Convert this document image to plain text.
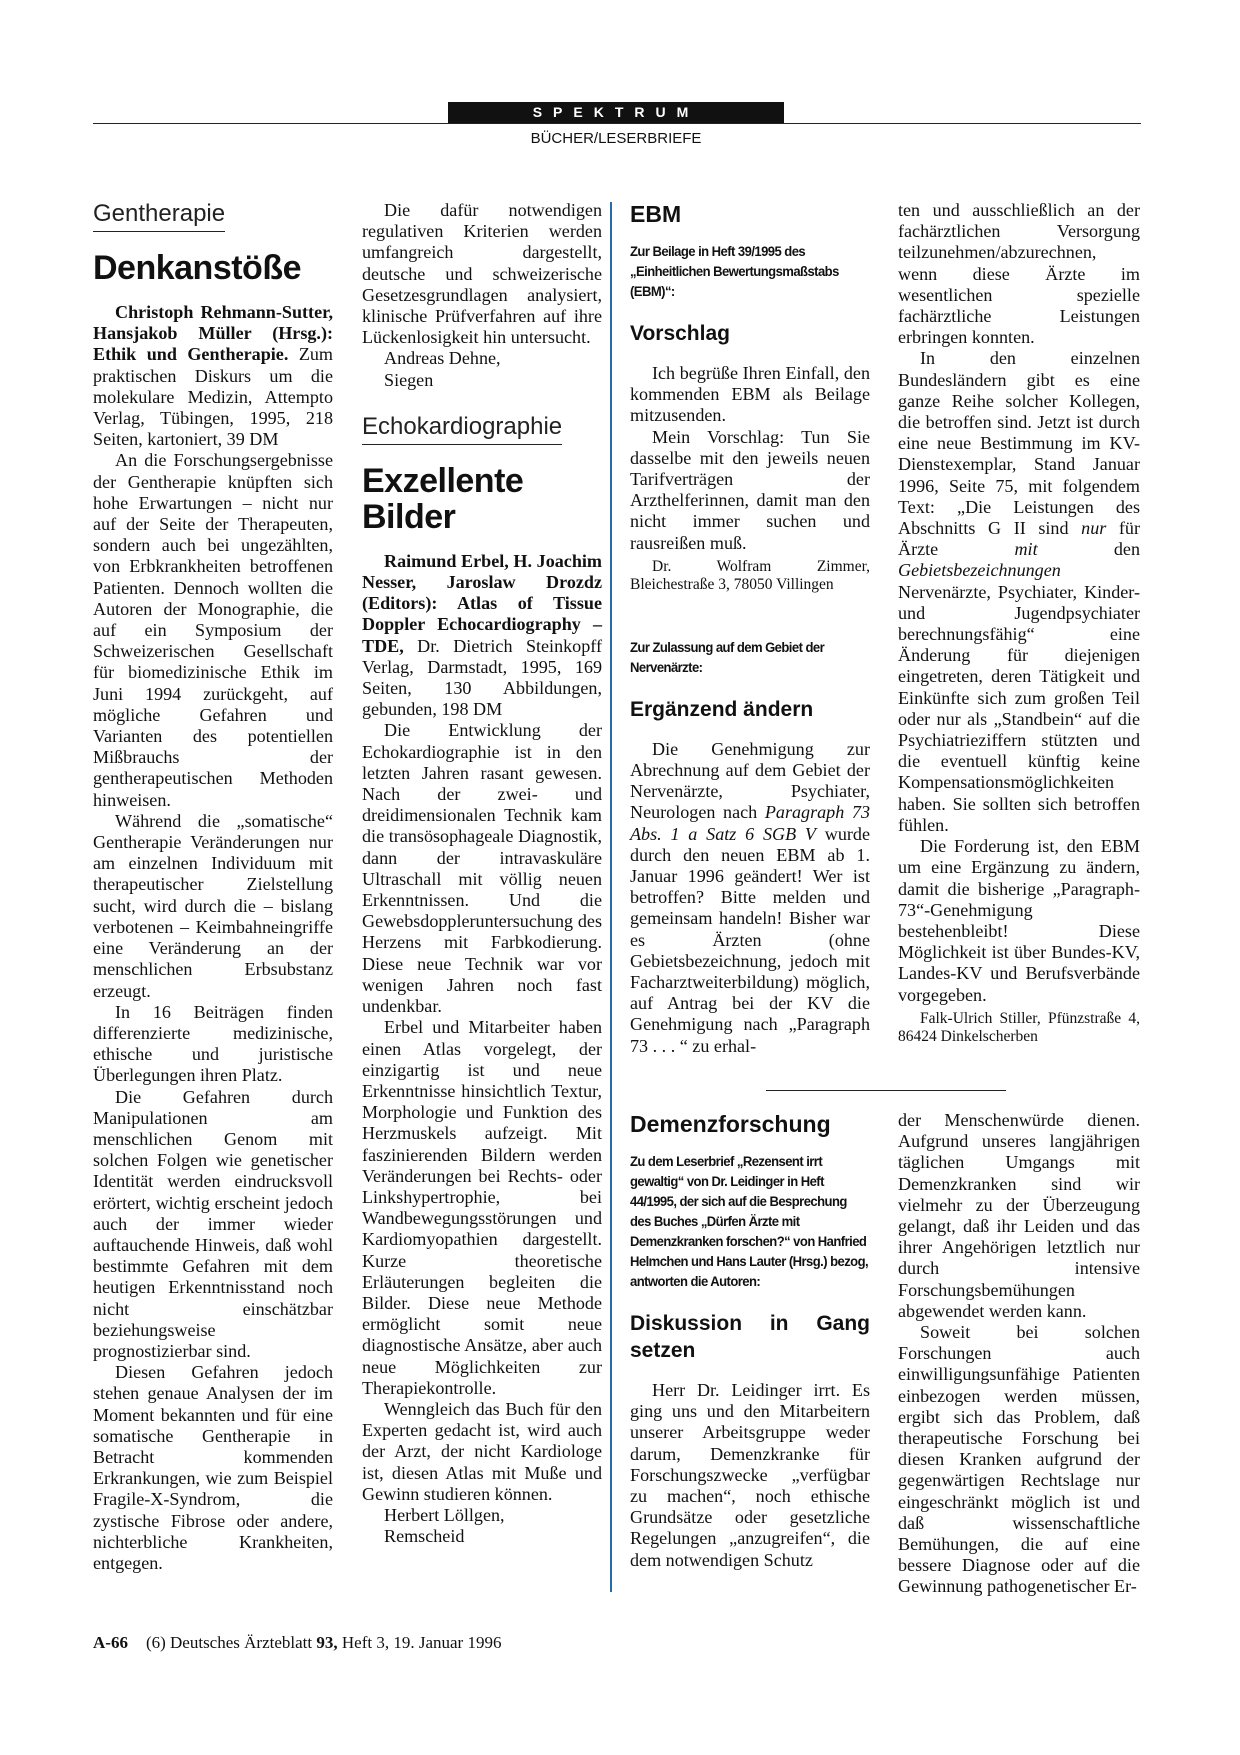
SPEKTRUM
BÜCHER/LESERBRIEFE
Gentherapie
Denkanstöße

Christoph Rehmann-Sutter, Hansjakob Müller (Hrsg.): Ethik und Gentherapie. Zum praktischen Diskurs um die molekulare Medizin, Attempto Verlag, Tübingen, 1995, 218 Seiten, kartoniert, 39 DM

An die Forschungsergebnisse der Gentherapie knüpften sich hohe Erwartungen – nicht nur auf der Seite der Therapeuten, sondern auch bei ungezählten, von Erbkrankheiten betroffenen Patienten. Dennoch wollten die Autoren der Monographie, die auf ein Symposium der Schweizerischen Gesellschaft für biomedizinische Ethik im Juni 1994 zurückgeht, auf mögliche Gefahren und Varianten des potentiellen Mißbrauchs der gentherapeutischen Methoden hinweisen.

Während die „somatische“ Gentherapie Veränderungen nur am einzelnen Individuum mit therapeutischer Zielstellung sucht, wird durch die – bislang verbotenen – Keimbahneingriffe eine Veränderung an der menschlichen Erbsubstanz erzeugt.

In 16 Beiträgen finden differenzierte medizinische, ethische und juristische Überlegungen ihren Platz.

Die Gefahren durch Manipulationen am menschlichen Genom mit solchen Folgen wie genetischer Identität werden eindrucksvoll erörtert, wichtig erscheint jedoch auch der immer wieder auftauchende Hinweis, daß wohl bestimmte Gefahren mit dem heutigen Erkenntnisstand noch nicht einschätzbar beziehungsweise prognostizierbar sind.

Diesen Gefahren jedoch stehen genaue Analysen der im Moment bekannten und für eine somatische Gentherapie in Betracht kommenden Erkrankungen, wie zum Beispiel Fragile-X-Syndrom, die zystische Fibrose oder andere, nichterbliche Krankheiten, entgegen.

Die dafür notwendigen regulativen Kriterien werden umfangreich dargestellt, deutsche und schweizerische Gesetzesgrundlagen analysiert, klinische Prüfverfahren auf ihre Lückenlosigkeit hin untersucht.

Andreas Dehne,

Siegen

Echokardiographie
Exzellente
Bilder

Raimund Erbel, H. Joachim Nesser, Jaroslaw Drozdz (Editors): Atlas of Tissue Doppler Echocardiography – TDE, Dr. Dietrich Steinkopff Verlag, Darmstadt, 1995, 169 Seiten, 130 Abbildungen, gebunden, 198 DM

Die Entwicklung der Echokardiographie ist in den letzten Jahren rasant gewesen. Nach der zwei- und dreidimensionalen Technik kam die transösophageale Diagnostik, dann der intravaskuläre Ultraschall mit völlig neuen Erkenntnissen. Und die Gewebsdoppleruntersuchung des Herzens mit Farbkodierung. Diese neue Technik war vor wenigen Jahren noch fast undenkbar.

Erbel und Mitarbeiter haben einen Atlas vorgelegt, der einzigartig ist und neue Erkenntnisse hinsichtlich Textur, Morphologie und Funktion des Herzmuskels aufzeigt. Mit faszinierenden Bildern werden Veränderungen bei Rechts- oder Linkshypertrophie, bei Wandbewegungsstörungen und Kardiomyopathien dargestellt. Kurze theoretische Erläuterungen begleiten die Bilder. Diese neue Methode ermöglicht somit neue diagnostische Ansätze, aber auch neue Möglichkeiten zur Therapiekontrolle.

Wenngleich das Buch für den Experten gedacht ist, wird auch der Arzt, der nicht Kardiologe ist, diesen Atlas mit Muße und Gewinn studieren können.

Herbert Löllgen,

Remscheid

EBM
Zur Beilage in Heft 39/1995 des „Einheitlichen Bewertungsmaßstabs (EBM)“:
Vorschlag

Ich begrüße Ihren Einfall, den kommenden EBM als Beilage mitzusenden.

Mein Vorschlag: Tun Sie dasselbe mit den jeweils neuen Tarifverträgen der Arzthelferinnen, damit man den nicht immer suchen und rausreißen muß.

Dr. Wolfram Zimmer, Bleichestraße 3, 78050 Villingen

Zur Zulassung auf dem Gebiet der Nervenärzte:
Ergänzend ändern

Die Genehmigung zur Abrechnung auf dem Gebiet der Nervenärzte, Psychiater, Neurologen nach Paragraph 73 Abs. 1 a Satz 6 SGB V wurde durch den neuen EBM ab 1. Januar 1996 geändert! Wer ist betroffen? Bitte melden und gemeinsam handeln! Bisher war es Ärzten (ohne Gebietsbezeichnung, jedoch mit Facharztweiterbildung) möglich, auf Antrag bei der KV die Genehmigung nach „Paragraph 73 . . . “ zu erhal-

ten und ausschließlich an der fachärztlichen Versorgung teilzunehmen/abzurechnen, wenn diese Ärzte im wesentlichen spezielle fachärztliche Leistungen erbringen konnten.

In den einzelnen Bundesländern gibt es eine ganze Reihe solcher Kollegen, die betroffen sind. Jetzt ist durch eine neue Bestimmung im KV-Dienstexemplar, Stand Januar 1996, Seite 75, mit folgendem Text: „Die Leistungen des Abschnitts G II sind nur für Ärzte mit den Gebietsbezeichnungen Nervenärzte, Psychiater, Kinder- und Jugendpsychiater berechnungsfähig“ eine Änderung für diejenigen eingetreten, deren Tätigkeit und Einkünfte sich zum großen Teil oder nur als „Standbein“ auf die Psychiatrieziffern stützten und die eventuell künftig keine Kompensationsmöglichkeiten haben. Sie sollten sich betroffen fühlen.

Die Forderung ist, den EBM um eine Ergänzung zu ändern, damit die bisherige „Paragraph-73“-Genehmigung bestehenbleibt! Diese Möglichkeit ist über Bundes-KV, Landes-KV und Berufsverbände vorgegeben.

Falk-Ulrich Stiller, Pfünzstraße 4, 86424 Dinkelscherben

Demenzforschung
Zu dem Leserbrief „Rezensent irrt gewaltig“ von Dr. Leidinger in Heft 44/1995, der sich auf die Besprechung des Buches „Dürfen Ärzte mit Demenzkranken forschen?“ von Hanfried Helmchen und Hans Lauter (Hrsg.) bezog, antworten die Autoren:
Diskussion in Gang setzen

Herr Dr. Leidinger irrt. Es ging uns und den Mitarbeitern unserer Arbeitsgruppe weder darum, Demenzkranke für Forschungszwecke „verfügbar zu machen“, noch ethische Grundsätze oder gesetzliche Regelungen „anzugreifen“, die dem notwendigen Schutz

der Menschenwürde dienen. Aufgrund unseres langjährigen täglichen Umgangs mit Demenzkranken sind wir vielmehr zu der Überzeugung gelangt, daß ihr Leiden und das ihrer Angehörigen letztlich nur durch intensive Forschungsbemühungen abgewendet werden kann.

Soweit bei solchen Forschungen auch einwilligungsunfähige Patienten einbezogen werden müssen, ergibt sich das Problem, daß therapeutische Forschung bei diesen Kranken aufgrund der gegenwärtigen Rechtslage nur eingeschränkt möglich ist und daß wissenschaftliche Bemühungen, die auf eine bessere Diagnose oder auf die Gewinnung pathogenetischer Er-

A-66 (6) Deutsches Ärzteblatt 93, Heft 3, 19. Januar 1996
